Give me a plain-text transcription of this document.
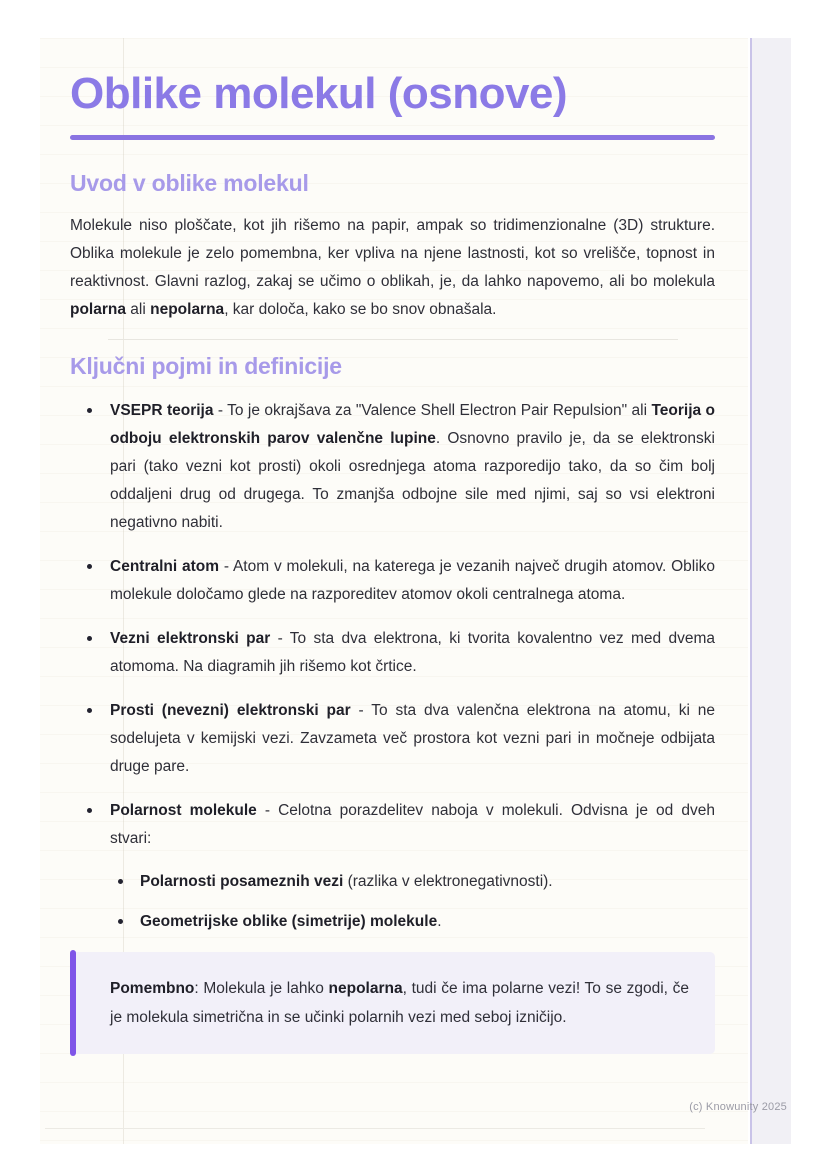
Oblike molekul (osnove)
Uvod v oblike molekul

Molekule niso ploščate, kot jih rišemo na papir, ampak so tridimenzionalne (3D) strukture. Oblika molekule je zelo pomembna, ker vpliva na njene lastnosti, kot so vrelišče, topnost in reaktivnost. Glavni razlog, zakaj se učimo o oblikah, je, da lahko napovemo, ali bo molekula polarna ali nepolarna, kar določa, kako se bo snov obnašala.

Ključni pojmi in definicije
VSEPR teorija - To je okrajšava za "Valence Shell Electron Pair Repulsion" ali Teorija o odboju elektronskih parov valenčne lupine. Osnovno pravilo je, da se elektronski pari (tako vezni kot prosti) okoli osrednjega atoma razporedijo tako, da so čim bolj oddaljeni drug od drugega. To zmanjša odbojne sile med njimi, saj so vsi elektroni negativno nabiti.
Centralni atom - Atom v molekuli, na katerega je vezanih največ drugih atomov. Obliko molekule določamo glede na razporeditev atomov okoli centralnega atoma.
Vezni elektronski par - To sta dva elektrona, ki tvorita kovalentno vez med dvema atomoma. Na diagramih jih rišemo kot črtice.
Prosti (nevezni) elektronski par - To sta dva valenčna elektrona na atomu, ki ne sodelujeta v kemijski vezi. Zavzameta več prostora kot vezni pari in močneje odbijata druge pare.
Polarnost molekule - Celotna porazdelitev naboja v molekuli. Odvisna je od dveh stvari:
Polarnosti posameznih vezi (razlika v elektronegativnosti).
Geometrijske oblike (simetrije) molekule.
Pomembno: Molekula je lahko nepolarna, tudi če ima polarne vezi! To se zgodi, če je molekula simetrična in se učinki polarnih vezi med seboj izničijo.
(c) Knowunity 2025
